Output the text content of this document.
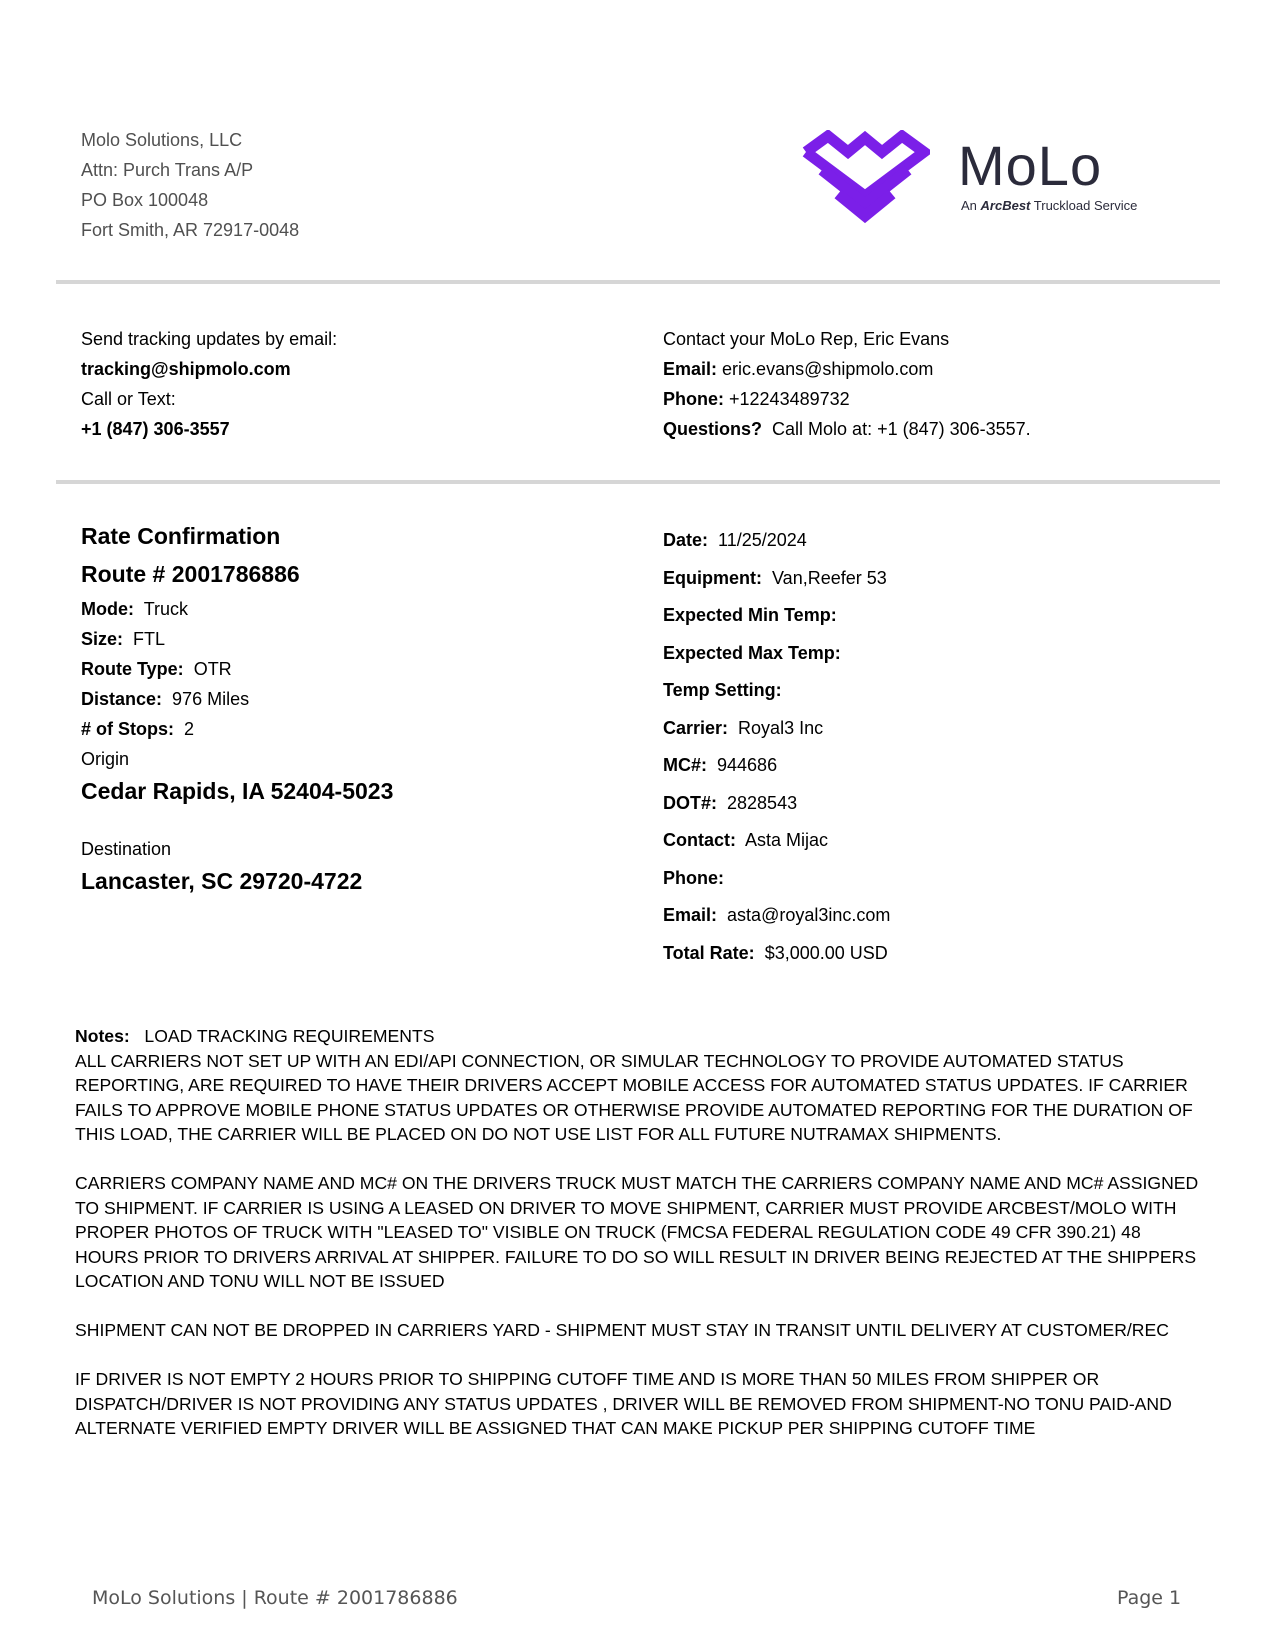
Molo Solutions, LLC
Attn: Purch Trans A/P
PO Box 100048
Fort Smith, AR 72917-0048
MoLo
An ArcBest Truckload Service
Send tracking updates by email:
tracking@shipmolo.com
Call or Text:
+1 (847) 306-3557
Contact your MoLo Rep, Eric Evans
Email: eric.evans@shipmolo.com
Phone: +12243489732
Questions? Call Molo at: +1 (847) 306-3557.
Rate Confirmation
Route # 2001786886
Mode: Truck
Size: FTL
Route Type: OTR
Distance: 976 Miles
# of Stops: 2
Origin
Cedar Rapids, IA 52404-5023
Destination
Lancaster, SC 29720-4722
Date: 11/25/2024
Equipment: Van,Reefer 53
Expected Min Temp:
Expected Max Temp:
Temp Setting:
Carrier: Royal3 Inc
MC#: 944686
DOT#: 2828543
Contact: Asta Mijac
Phone:
Email: asta@royal3inc.com
Total Rate: $3,000.00 USD
Notes: LOAD TRACKING REQUIREMENTS

ALL CARRIERS NOT SET UP WITH AN EDI/API CONNECTION, OR SIMULAR TECHNOLOGY TO PROVIDE AUTOMATED STATUS REPORTING, ARE REQUIRED TO HAVE THEIR DRIVERS ACCEPT MOBILE ACCESS FOR AUTOMATED STATUS UPDATES. IF CARRIER FAILS TO APPROVE MOBILE PHONE STATUS UPDATES OR OTHERWISE PROVIDE AUTOMATED REPORTING FOR THE DURATION OF THIS LOAD, THE CARRIER WILL BE PLACED ON DO NOT USE LIST FOR ALL FUTURE NUTRAMAX SHIPMENTS.

CARRIERS COMPANY NAME AND MC# ON THE DRIVERS TRUCK MUST MATCH THE CARRIERS COMPANY NAME AND MC# ASSIGNED TO SHIPMENT. IF CARRIER IS USING A LEASED ON DRIVER TO MOVE SHIPMENT, CARRIER MUST PROVIDE ARCBEST/MOLO WITH PROPER PHOTOS OF TRUCK WITH "LEASED TO" VISIBLE ON TRUCK (FMCSA FEDERAL REGULATION CODE 49 CFR 390.21) 48 HOURS PRIOR TO DRIVERS ARRIVAL AT SHIPPER. FAILURE TO DO SO WILL RESULT IN DRIVER BEING REJECTED AT THE SHIPPERS LOCATION AND TONU WILL NOT BE ISSUED

SHIPMENT CAN NOT BE DROPPED IN CARRIERS YARD - SHIPMENT MUST STAY IN TRANSIT UNTIL DELIVERY AT CUSTOMER/REC

IF DRIVER IS NOT EMPTY 2 HOURS PRIOR TO SHIPPING CUTOFF TIME AND IS MORE THAN 50 MILES FROM SHIPPER OR DISPATCH/DRIVER IS NOT PROVIDING ANY STATUS UPDATES , DRIVER WILL BE REMOVED FROM SHIPMENT-NO TONU PAID-AND ALTERNATE VERIFIED EMPTY DRIVER WILL BE ASSIGNED THAT CAN MAKE PICKUP PER SHIPPING CUTOFF TIME

MoLo Solutions | Route # 2001786886	Page 1
